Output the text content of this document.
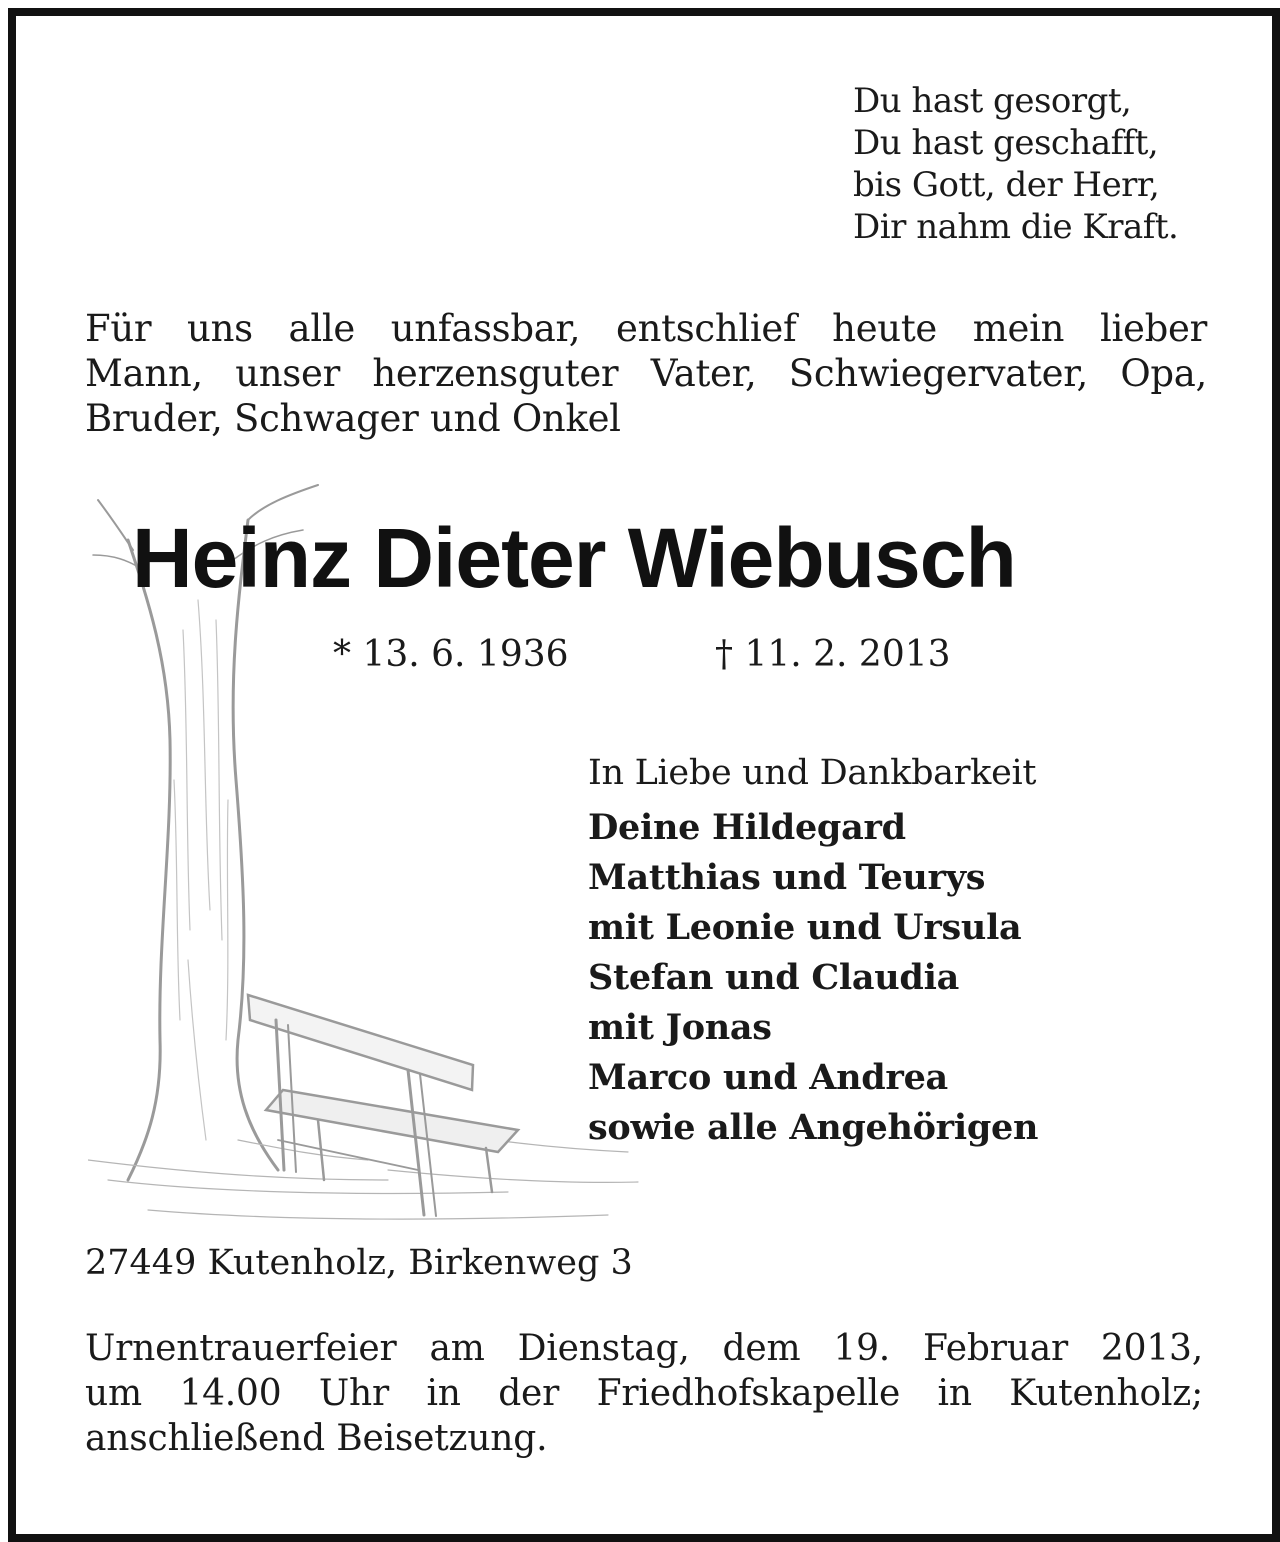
Du hast gesorgt,
Du hast geschafft,
bis Gott, der Herr,
Dir nahm die Kraft.
Für uns alle unfassbar, entschlief heute mein lieber
Mann, unser herzensguter Vater, Schwiegervater, Opa,
Bruder, Schwager und Onkel
Heinz Dieter Wiebusch
* 13. 6. 1936	† 11. 2. 2013
In Liebe und Dankbarkeit
Deine Hildegard
Matthias und Teurys
mit Leonie und Ursula
Stefan und Claudia
mit Jonas
Marco und Andrea
sowie alle Angehörigen
27449 Kutenholz, Birkenweg 3
Urnentrauerfeier am Dienstag, dem 19. Februar 2013,
um 14.00 Uhr in der Friedhofskapelle in Kutenholz;
anschließend Beisetzung.
